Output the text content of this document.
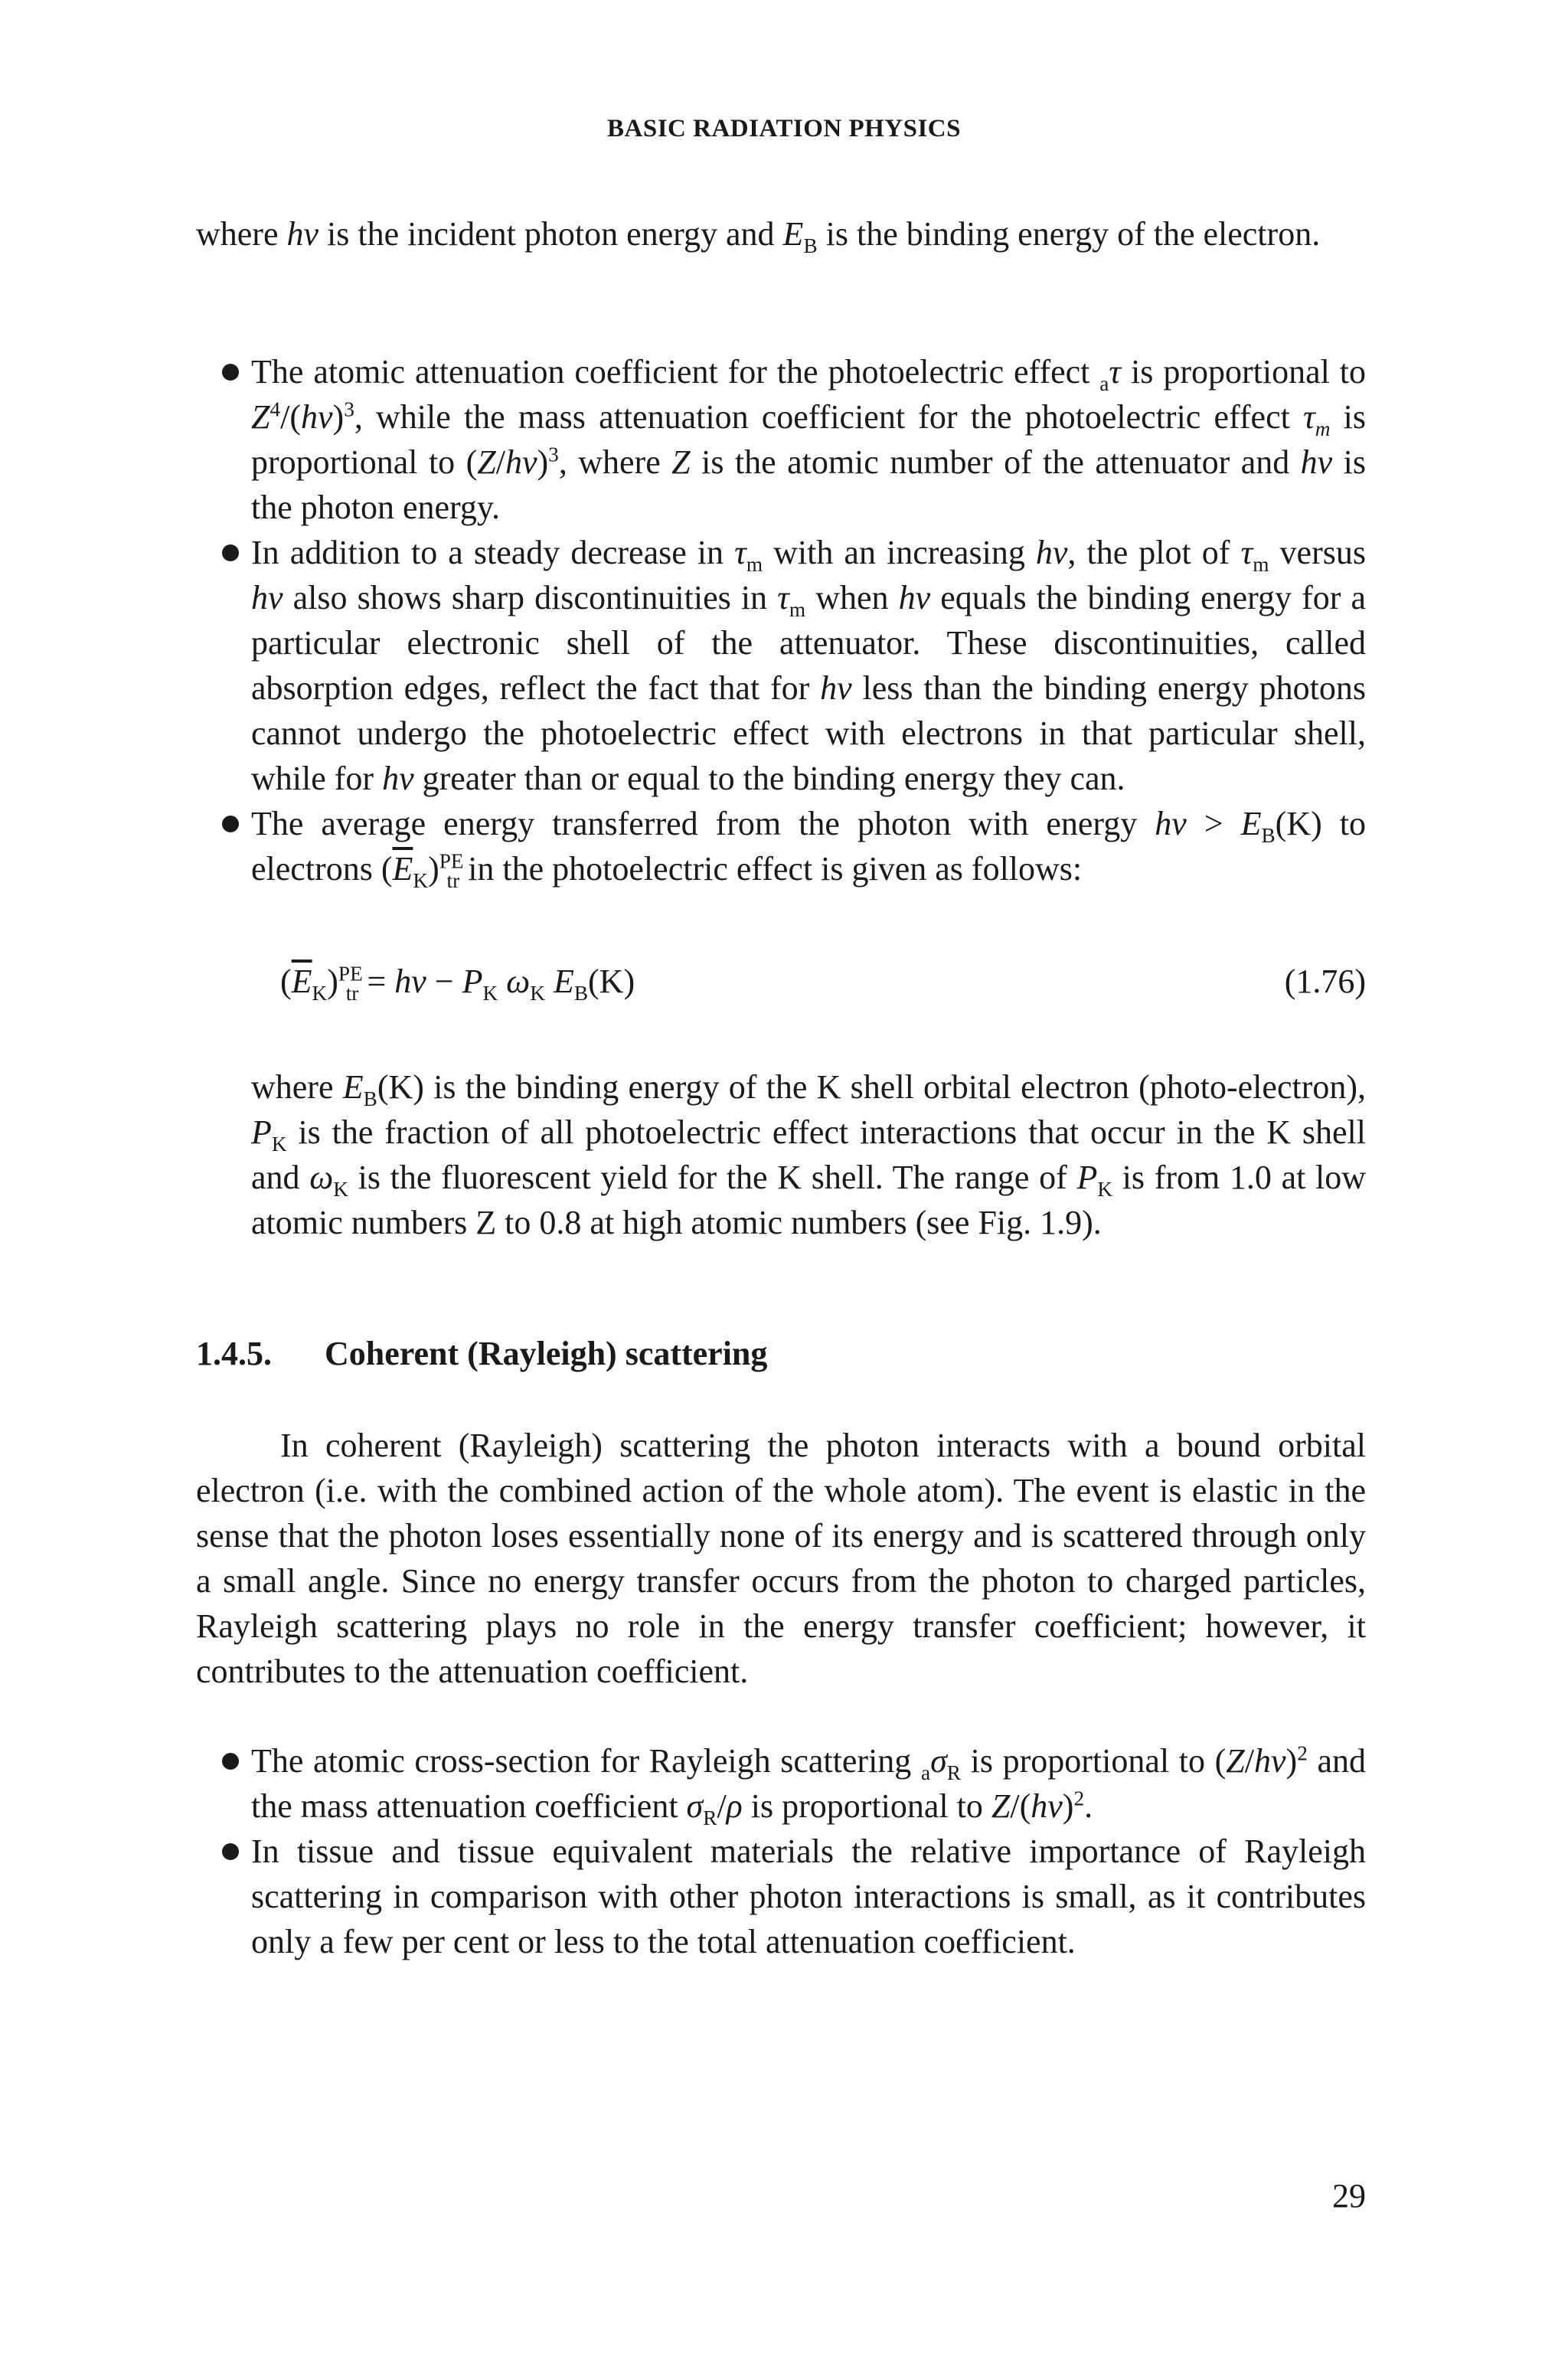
BASIC RADIATION PHYSICS
where hν is the incident photon energy and $E_B$ is the binding energy of the electron.

The atomic attenuation coefficient for the photoelectric effect $_a$τ is proportional to $Z^4/(h\nu)^3$, while the mass attenuation coefficient for the photoelectric effect $\tau_m$ is proportional to $(Z/h\nu)^3$, where Z is the atomic number of the attenuator and hν is the photon energy.

In addition to a steady decrease in $\tau_m$ with an increasing hν, the plot of $\tau_m$ versus hν also shows sharp discontinuities in $\tau_m$ when hν equals the binding energy for a particular electronic shell of the attenuator. These discontinuities, called absorption edges, reflect the fact that for hν less than the binding energy photons cannot undergo the photoelectric effect with electrons in that particular shell, while for hν greater than or equal to the binding energy they can.

The average energy transferred from the photon with energy $h\nu > E_B(K)$ to electrons $(\overline{E}_K)^{PE}_{tr}$ in the photoelectric effect is given as follows:

$(\overline{E}_K)^{PE}_{tr} = h\nu - P_K$ $\omega_K$ $E_B(K)$	(1.76)
where $E_B(K)$ is the binding energy of the K shell orbital electron (photo-electron), $P_K$ is the fraction of all photoelectric effect interactions that occur in the K shell and $\omega_K$ is the fluorescent yield for the K shell. The range of $P_K$ is from 1.0 at low atomic numbers Z to 0.8 at high atomic numbers (see Fig. 1.9).
1.4.5. Coherent (Rayleigh) scattering
In coherent (Rayleigh) scattering the photon interacts with a bound orbital electron (i.e. with the combined action of the whole atom). The event is elastic in the sense that the photon loses essentially none of its energy and is scattered through only a small angle. Since no energy transfer occurs from the photon to charged particles, Rayleigh scattering plays no role in the energy transfer coefficient; however, it contributes to the attenuation coefficient.

The atomic cross-section for Rayleigh scattering $_a\sigma_R$ is proportional to $(Z/h\nu)^2$ and the mass attenuation coefficient $\sigma_R/\rho$ is proportional to $Z/(h\nu)^2$.

In tissue and tissue equivalent materials the relative importance of Rayleigh scattering in comparison with other photon interactions is small, as it contributes only a few per cent or less to the total attenuation coefficient.

29
